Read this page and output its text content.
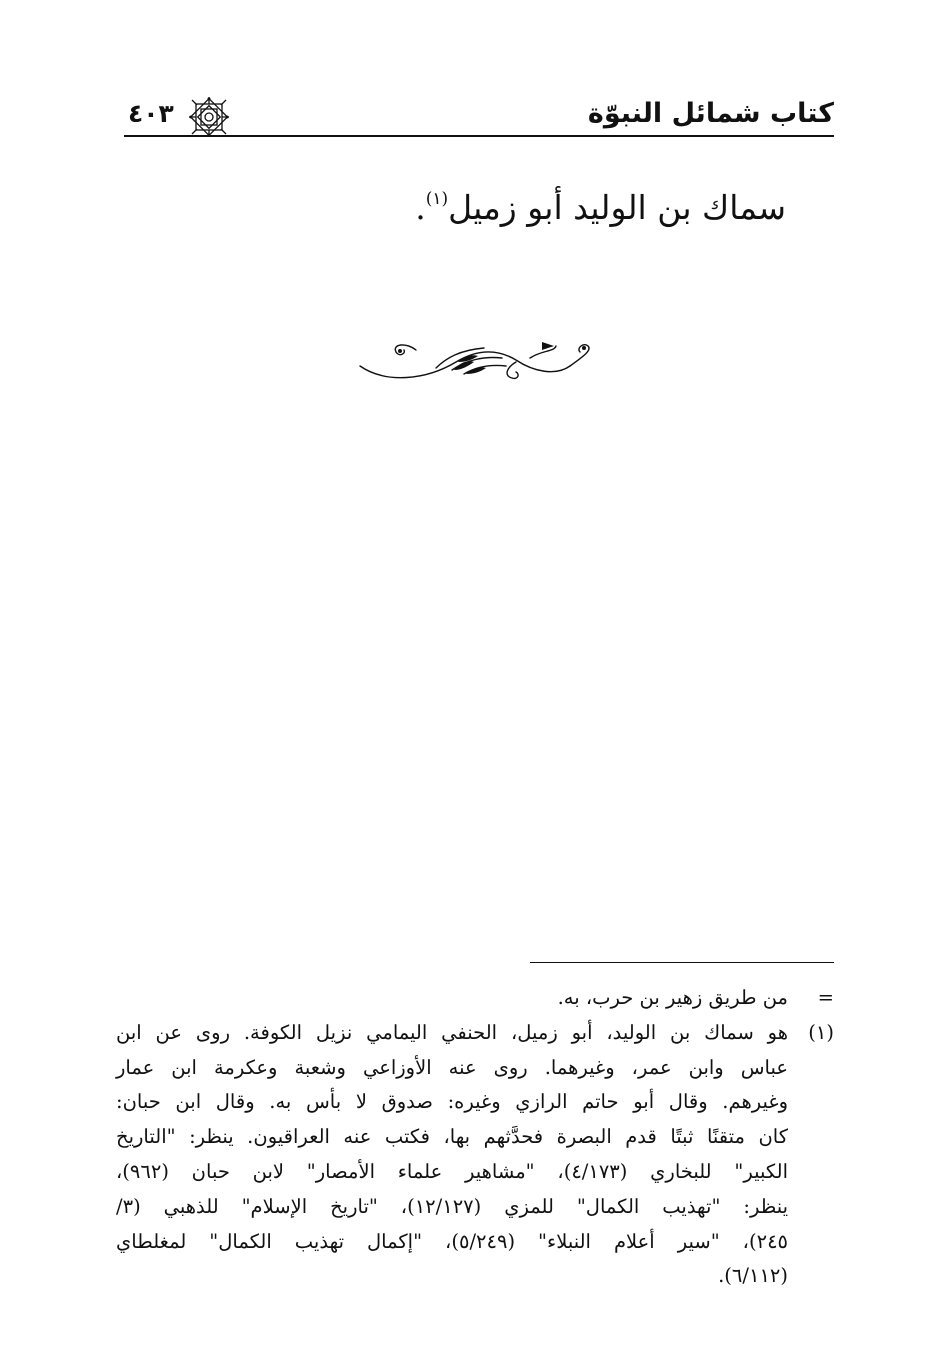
كتاب شمائل النبوّة
٤٠٣
سماك بن الوليد أبو زميل$^{(١)}$.
=
من طريق زهير بن حرب، به.
(١)
هو سماك بن الوليد، أبو زميل، الحنفي اليمامي نزيل الكوفة. روى عن ابن
عباس وابن عمر، وغيرهما. روى عنه الأوزاعي وشعبة وعكرمة ابن عمار
وغيرهم. وقال أبو حاتم الرازي وغيره: صدوق لا بأس به. وقال ابن حبان:
كان متقنًا ثبتًا قدم البصرة فحدَّثهم بها، فكتب عنه العراقيون. ينظر: "التاريخ
الكبير" للبخاري (٤/١٧٣)، "مشاهير علماء الأمصار" لابن حبان (٩٦٢)،
ينظر: "تهذيب الكمال" للمزي (١٢/١٢٧)، "تاريخ الإسلام" للذهبي (٣/
٢٤٥)، "سير أعلام النبلاء" (٥/٢٤٩)، "إكمال تهذيب الكمال" لمغلطاي
(٦/١١٢).
